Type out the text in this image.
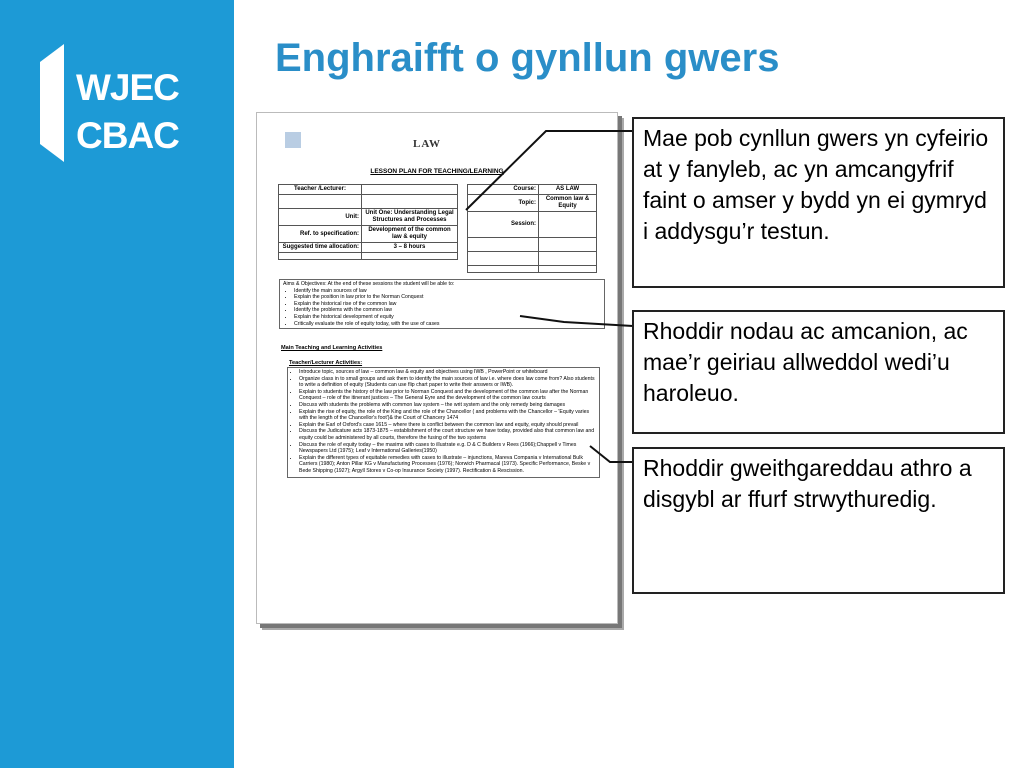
WJEC
CBAC
Enghraifft o gynllun gwers
LAW
LESSON PLAN FOR TEACHING/LEARNING
Teacher /Lecturer:	

Unit:	Unit One: Understanding Legal Structures and Processes
Ref. to specification:	Development of the common law & equity
Suggested time allocation:	3 – 8 hours

Course:	AS LAW
Topic:	Common law & Equity
Session:	

Aims & Objectives: At the end of these sessions the student will be able to:
• Identify the main sources of law
• Explain the position in law prior to the Norman Conquest
• Explain the historical rise of the common law
• Identify the problems with the common law
• Explain the historical development of equity
• Critically evaluate the role of equity today, with the use of cases
Main Teaching and Learning Activities
Teacher/Lecturer Activities:
• Introduce topic, sources of law – common law & equity and objectives using IWB , PowerPoint or whiteboard
• Organize class in to small groups and ask them to identify the main sources of law i.e. where does law come from? Also students to write a definition of equity (Students can use flip chart paper to write their answers or IWB).
• Explain to students the history of the law prior to Norman Conquest and the development of the common law after the Norman Conquest – role of the itinerant justices – The General Eyre and the development of the common law courts
• Discuss with students the problems with common law system – the writ system and the only remedy being damages
• Explain the rise of equity, the role of the King and the role of the Chancellor ( and problems with the Chancellor – 'Equity varies with the length of the Chancellor's foot')& the Court of Chancery 1474
• Explain the Earl of Oxford's case 1615 – where there is conflict between the common law and equity, equity should prevail
• Discuss the Judicature acts 1873-1875 – establishment of the court structure we have today, provided also that common law and equity could be administered by all courts, therefore the fusing of the two systems
• Discuss the role of equity today – the maxims with cases to illustrate e.g. D & C Builders v Rees (1966);Chappell v Times Newspapers Ltd (1975); Leaf v International Galleries(1950)
• Explain the different types of equitable remedies with cases to illustrate – injunctions, Mareva Compania v International Bulk Carriers (1980); Anton Pillar KG v Manufacturing Processes (1976); Norwich Pharmacal (1973). Specific Performance, Beske v Bede Shipping (1927); Argyll Stores v Co-op Insurance Society (1997). Rectification & Rescission.
Mae pob cynllun gwers yn cyfeirio at y fanyleb, ac yn amcangyfrif faint o amser y bydd yn ei gymryd i addysgu’r testun.
Rhoddir nodau ac amcanion, ac mae’r geiriau allweddol wedi’u haroleuo.
Rhoddir gweithgareddau athro a disgybl ar ffurf strwythuredig.
